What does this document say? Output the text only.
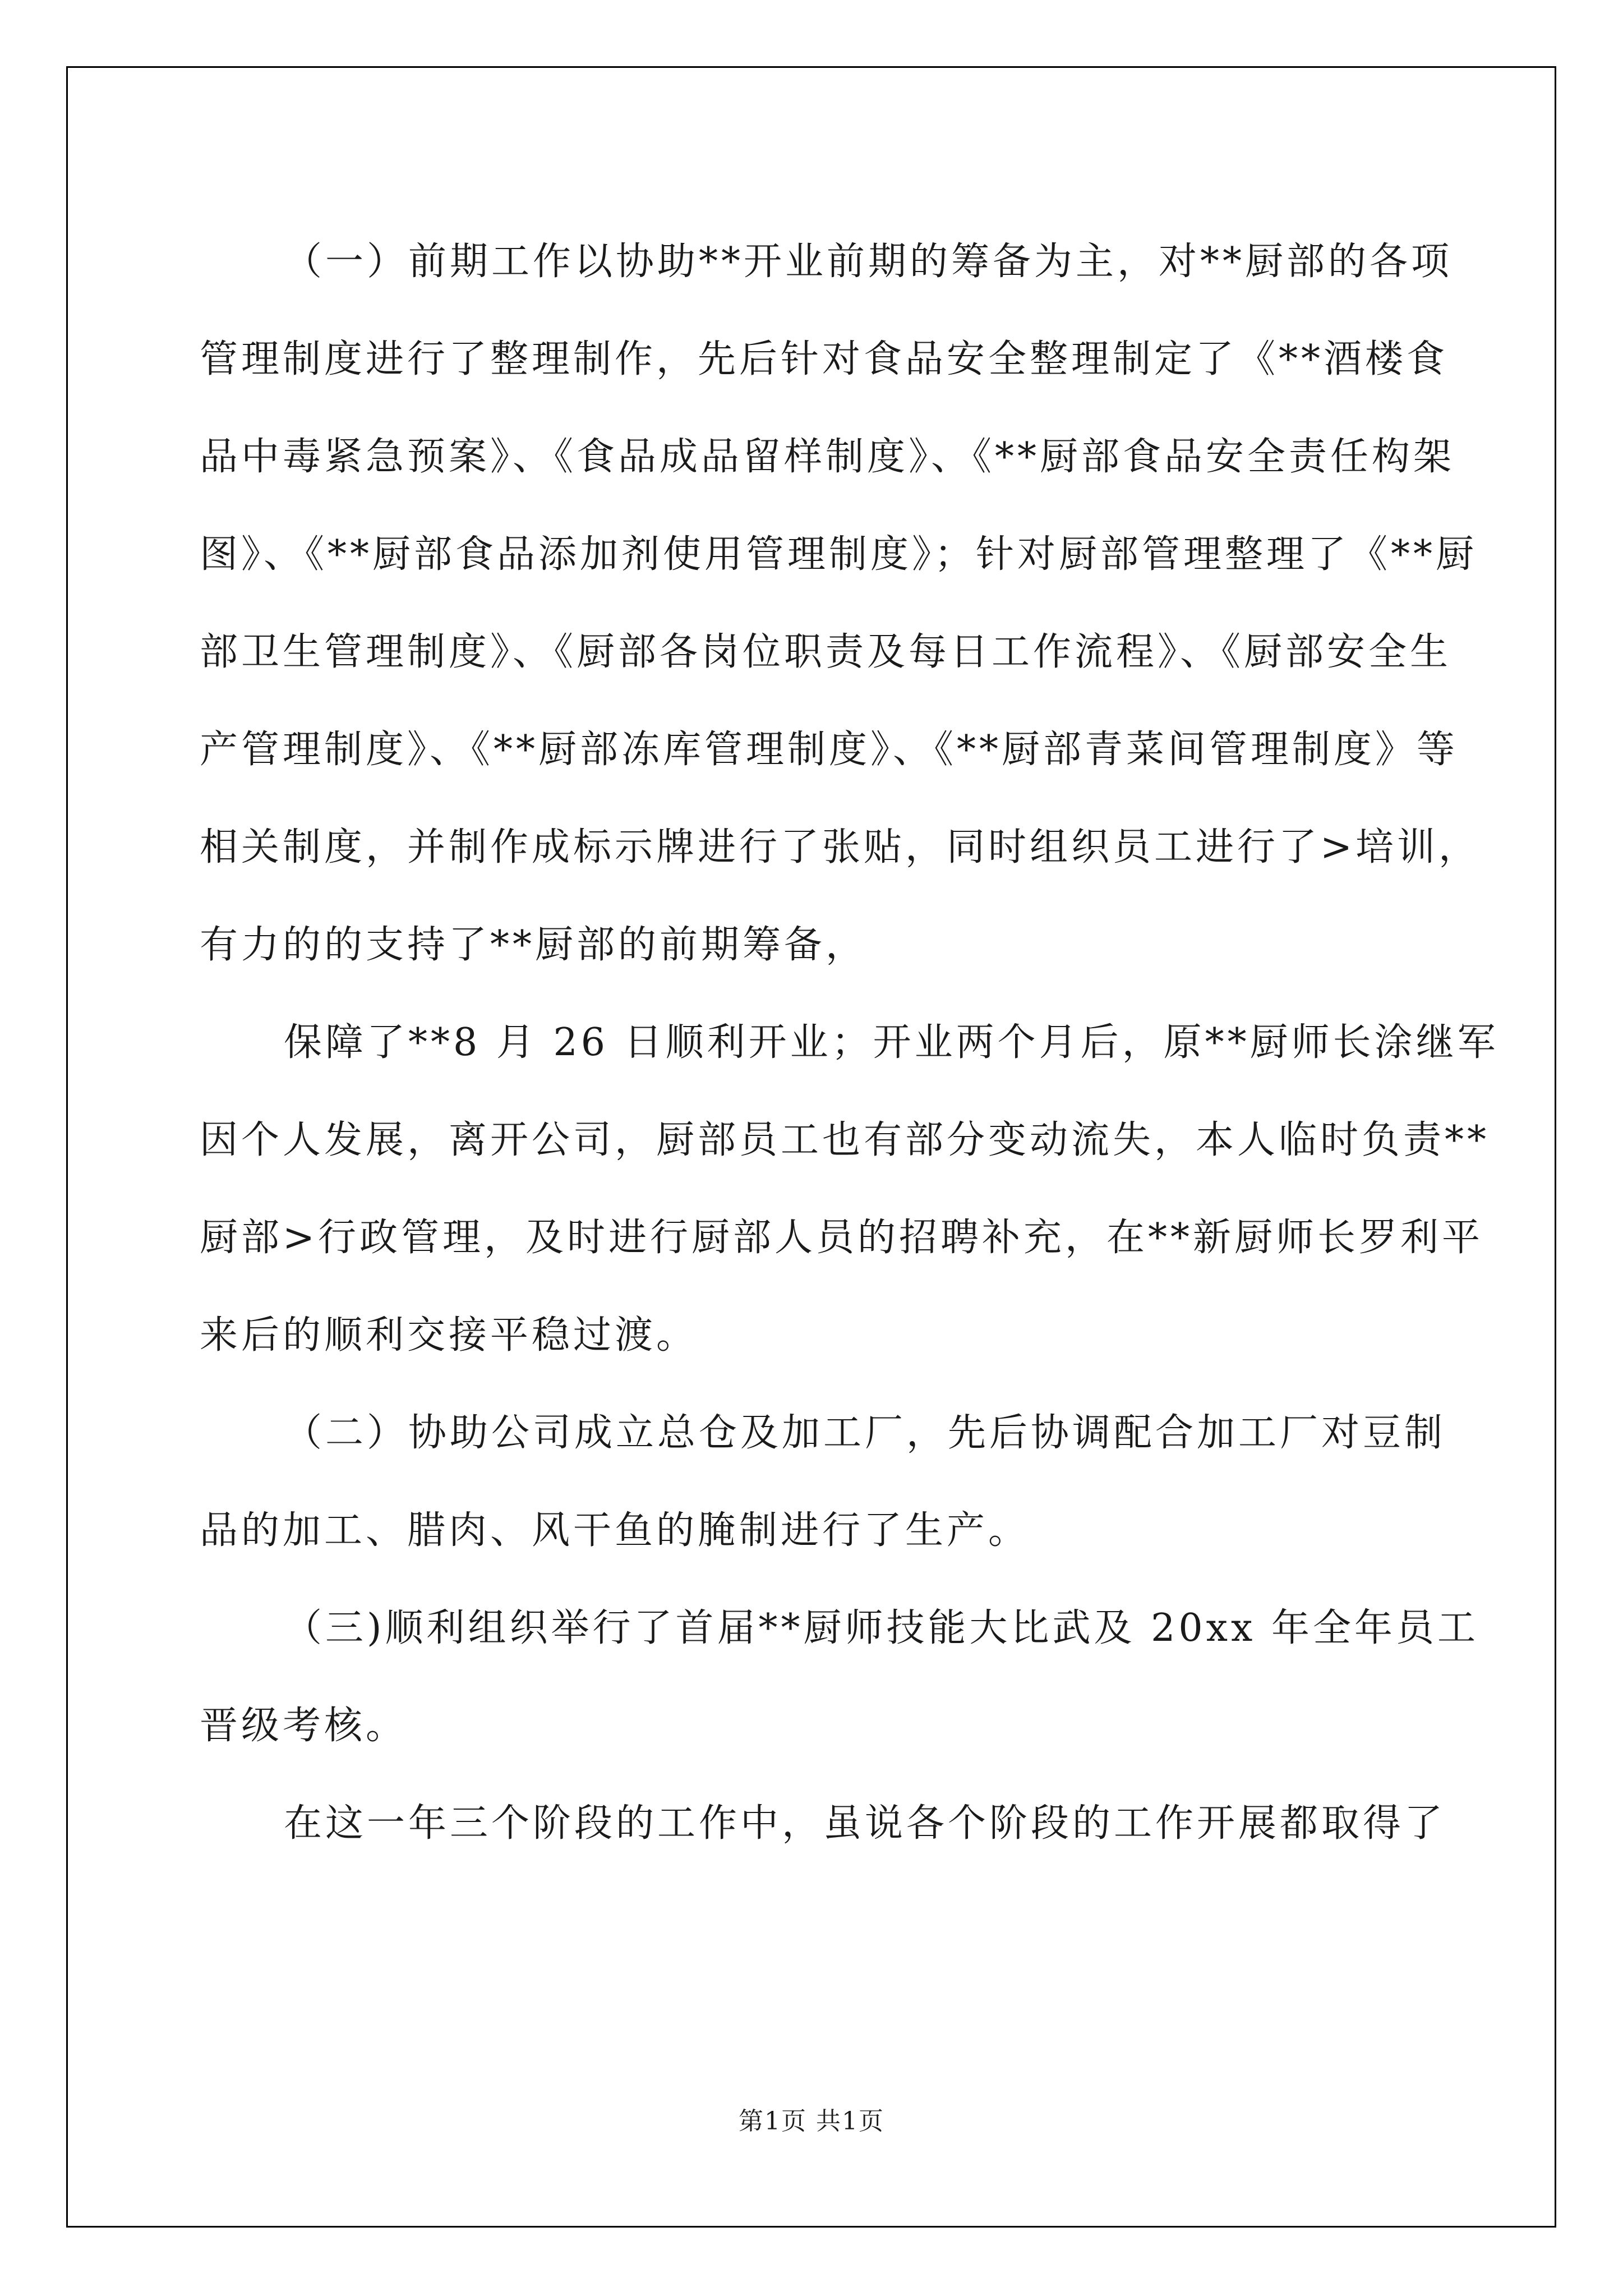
（一）前期工作以协助**开业前期的筹备为主，对**厨部的各项
管理制度进行了整理制作，先后针对食品安全整理制定了《**酒楼食
品中毒紧急预案》、《食品成品留样制度》、《**厨部食品安全责任构架
图》、《**厨部食品添加剂使用管理制度》；针对厨部管理整理了《**厨
部卫生管理制度》、《厨部各岗位职责及每日工作流程》、《厨部安全生
产管理制度》、《**厨部冻库管理制度》、《**厨部青菜间管理制度》等
相关制度，并制作成标示牌进行了张贴，同时组织员工进行了>培训，
有力的的支持了**厨部的前期筹备，
保障了**8 月 26 日顺利开业；开业两个月后，原**厨师长涂继军
因个人发展，离开公司，厨部员工也有部分变动流失，本人临时负责**
厨部>行政管理，及时进行厨部人员的招聘补充，在**新厨师长罗利平
来后的顺利交接平稳过渡。
（二）协助公司成立总仓及加工厂，先后协调配合加工厂对豆制
品的加工、腊肉、风干鱼的腌制进行了生产。
（三)顺利组织举行了首届**厨师技能大比武及 20xx 年全年员工
晋级考核。
在这一年三个阶段的工作中，虽说各个阶段的工作开展都取得了
第1页 共1页
